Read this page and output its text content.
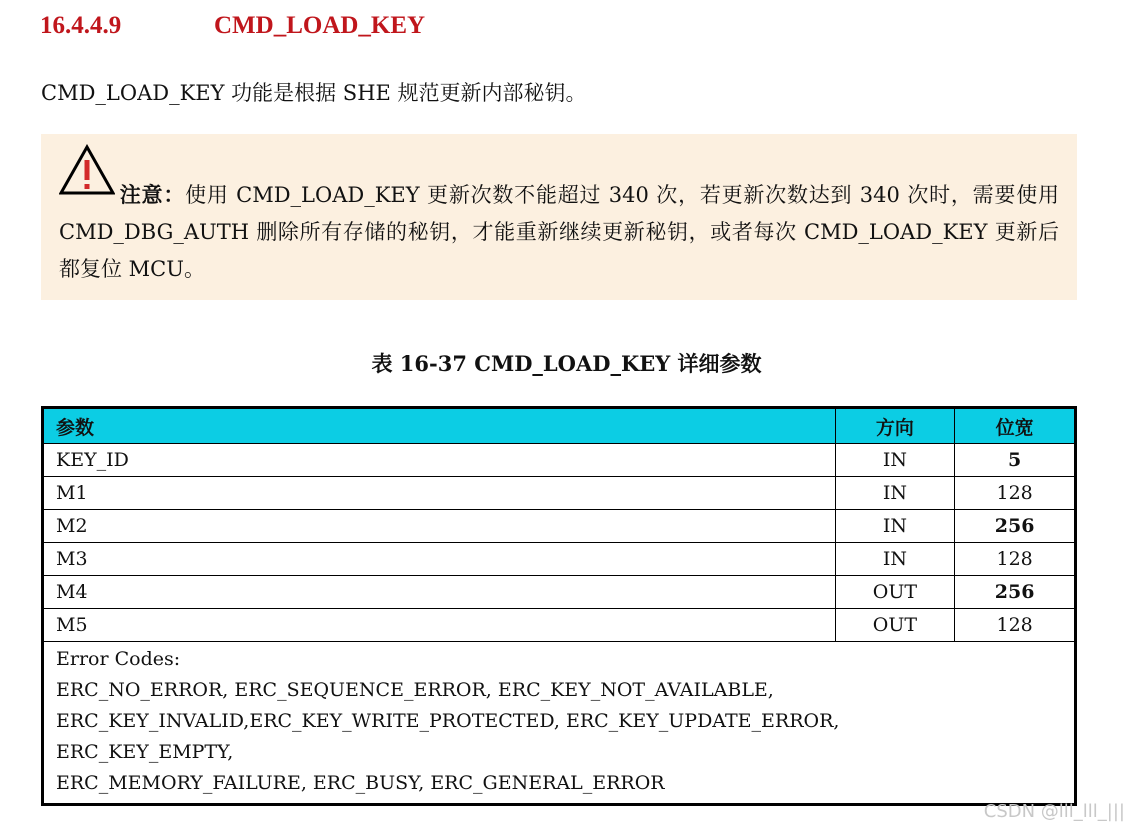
16.4.4.9	CMD_LOAD_KEY
CMD_LOAD_KEY 功能是根据 SHE 规范更新内部秘钥。
注意：使用 CMD_LOAD_KEY 更新次数不能超过 340 次，若更新次数达到 340 次时，需要使用 CMD_DBG_AUTH 删除所有存储的秘钥，才能重新继续更新秘钥，或者每次 CMD_LOAD_KEY 更新后都复位 MCU。
表 16-37 CMD_LOAD_KEY 详细参数
参数	方向	位宽
KEY_ID	IN	5
M1	IN	128
M2	IN	256
M3	IN	128
M4	OUT	256
M5	OUT	128

Error Codes:
ERC_NO_ERROR, ERC_SEQUENCE_ERROR, ERC_KEY_NOT_AVAILABLE,
ERC_KEY_INVALID,ERC_KEY_WRITE_PROTECTED, ERC_KEY_UPDATE_ERROR,
ERC_KEY_EMPTY,
ERC_MEMORY_FAILURE, ERC_BUSY, ERC_GENERAL_ERROR		
CSDN @lll_lll_|||
